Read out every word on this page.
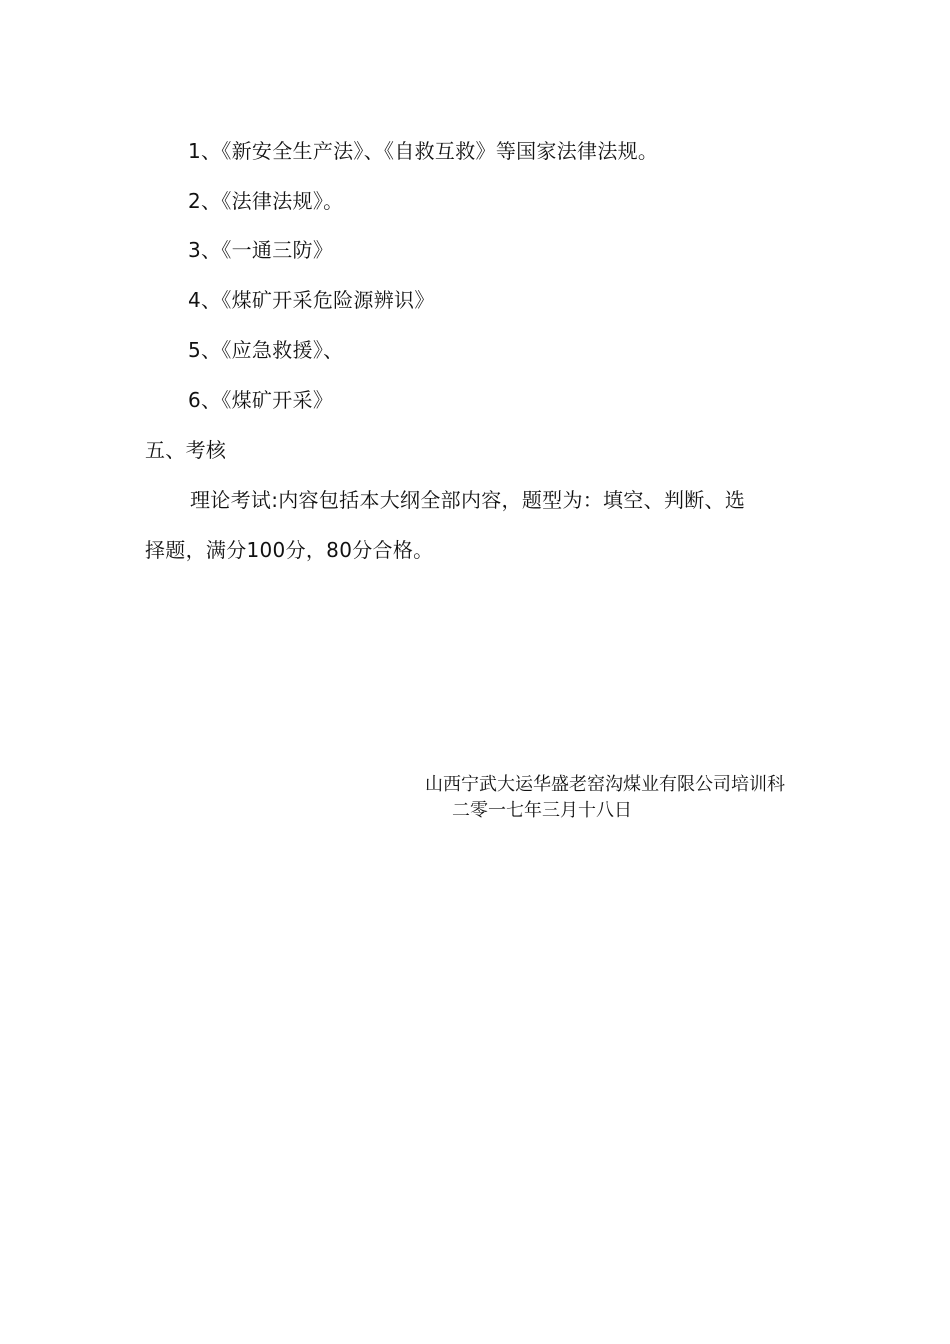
1、《新安全生产法》、《自救互救》等国家法律法规。
2、《法律法规》。
3、《一通三防》
4、《煤矿开采危险源辨识》
5、《应急救援》、
6、《煤矿开采》
五、考核
理论考试:内容包括本大纲全部内容，题型为：填空、判断、选
择题，满分100分，80分合格。
山西宁武大运华盛老窑沟煤业有限公司培训科
二零一七年三月十八日
